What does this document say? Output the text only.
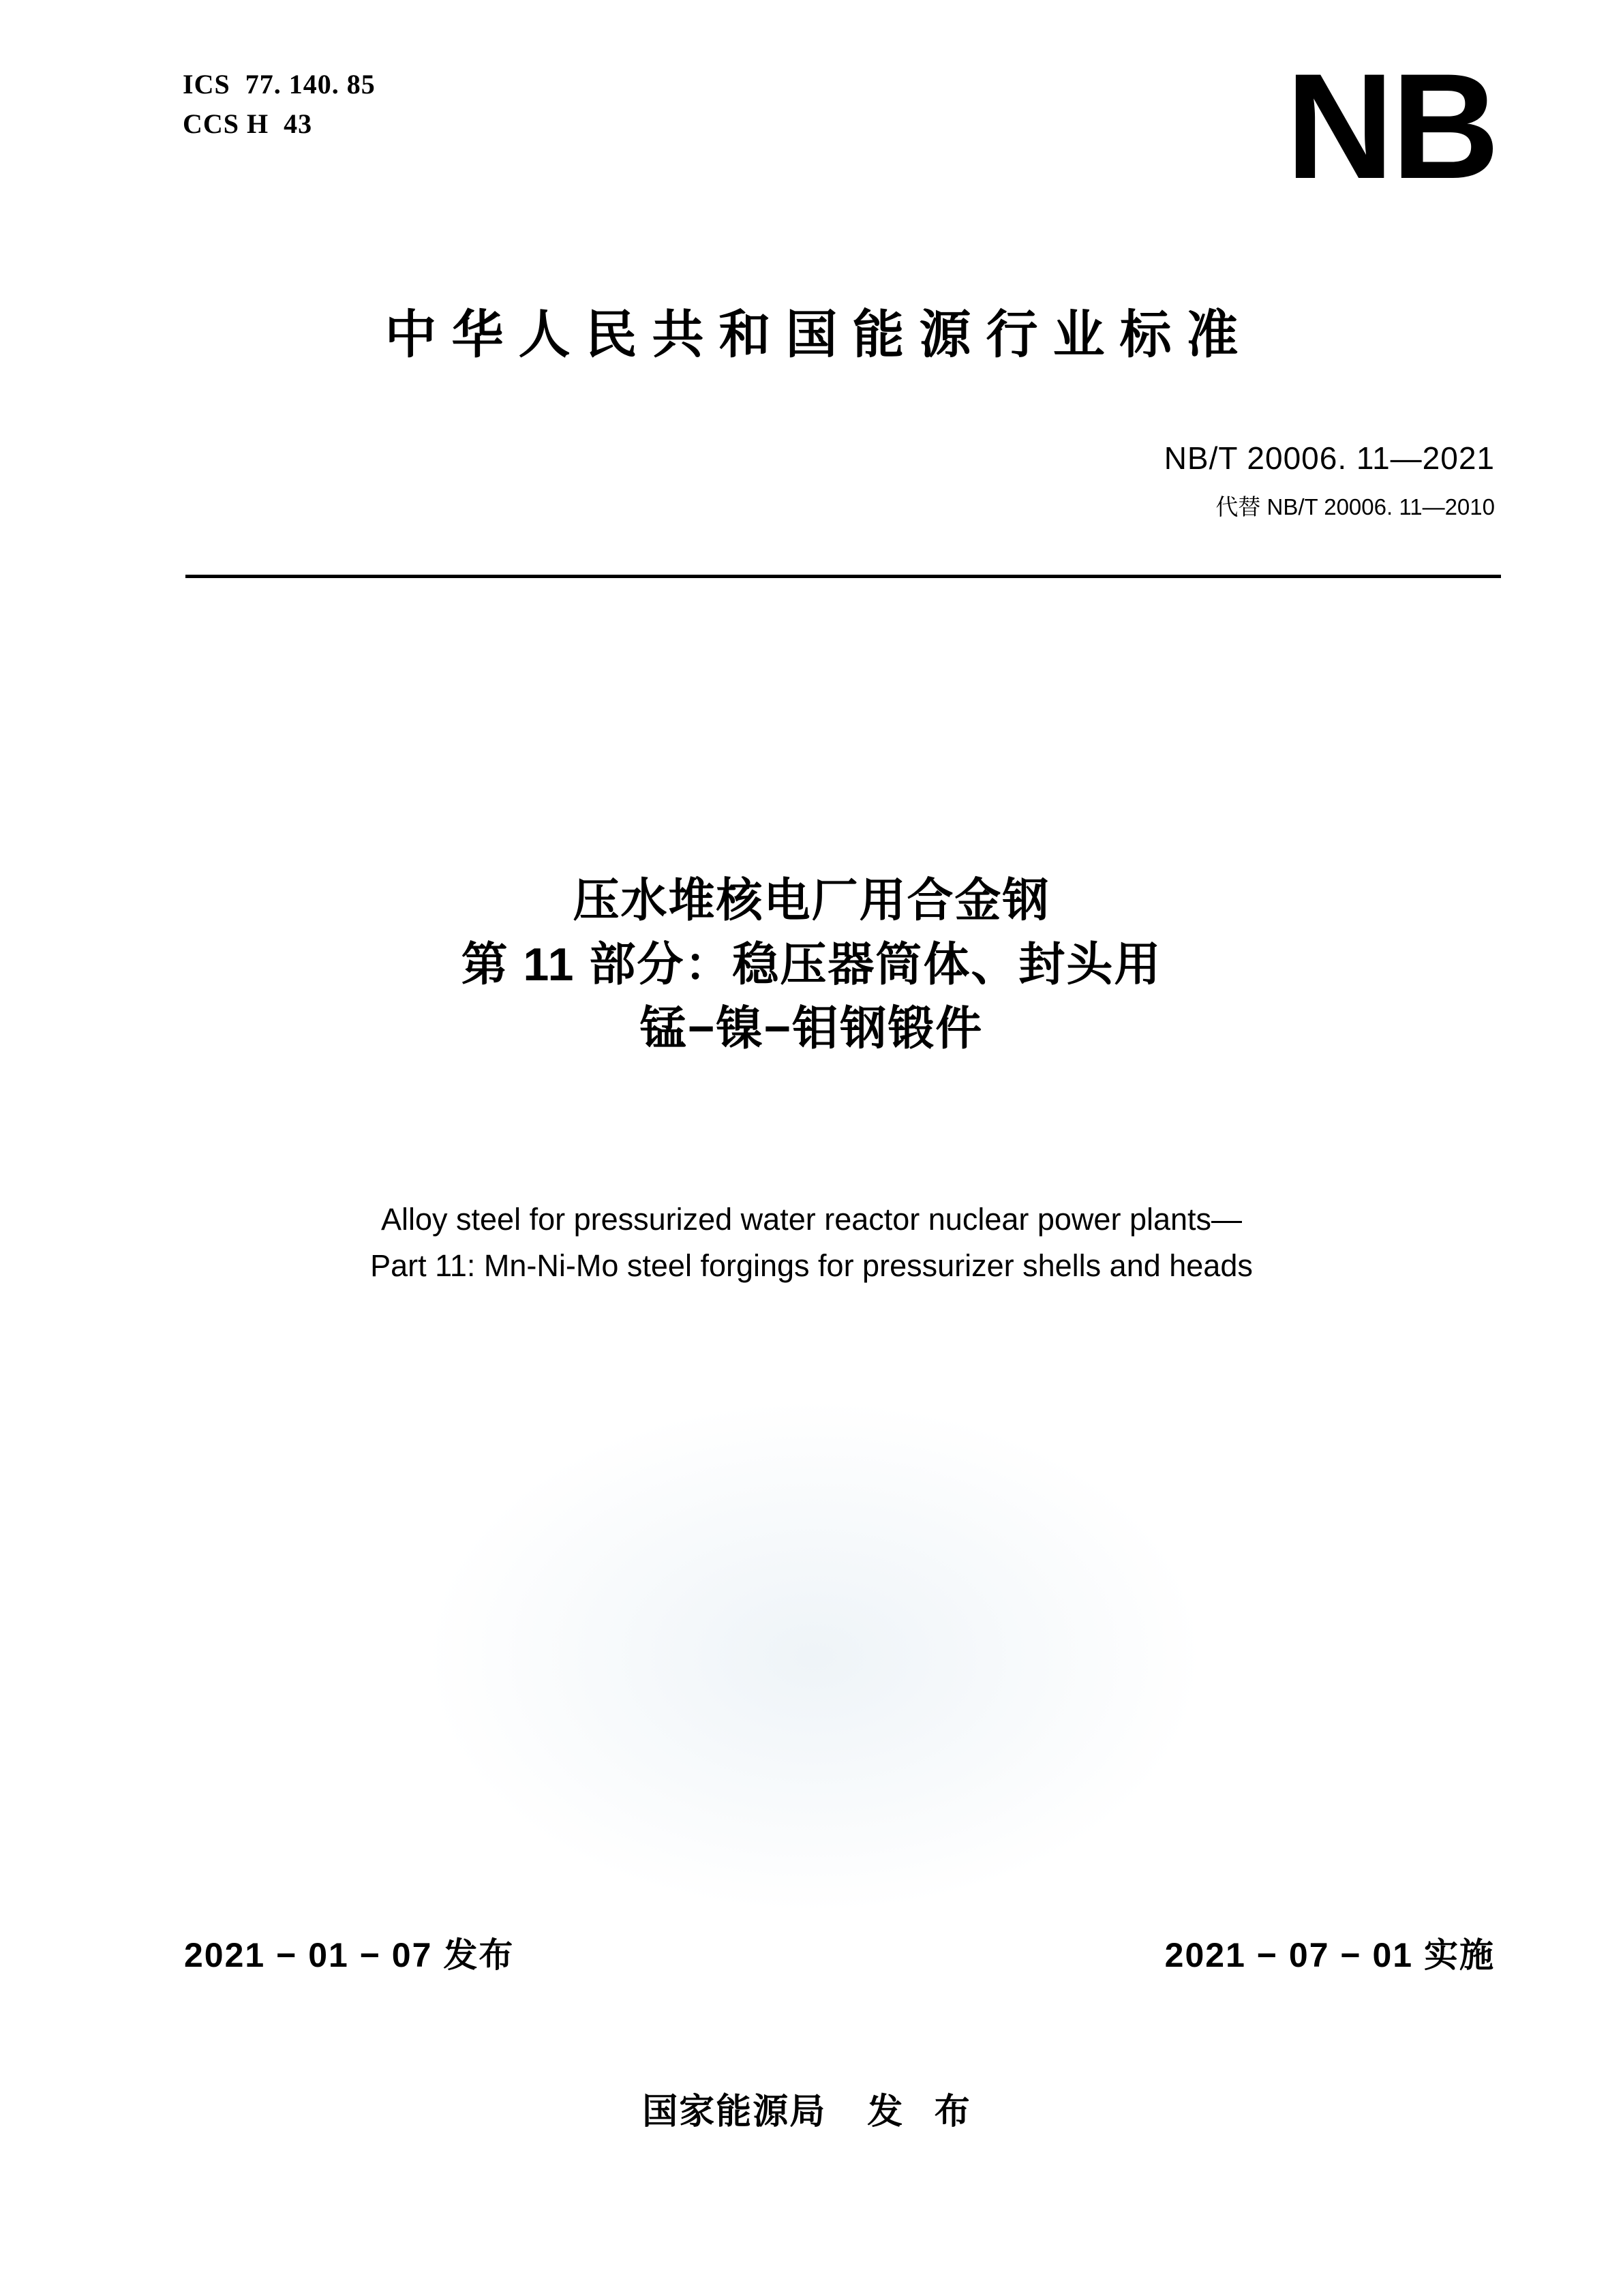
ICS  77. 140. 85
CCS H  43	NB
中华人民共和国能源行业标准
NB/T 20006. 11—2021
代替 NB/T 20006. 11—2010
压水堆核电厂用合金钢
第 11 部分：稳压器筒体、封头用
锰−镍−钼钢锻件
Alloy steel for pressurized water reactor nuclear power plants—
Part 11: Mn-Ni-Mo steel forgings for pressurizer shells and heads
2021 − 01 − 07 发布	2021 − 07 − 01 实施
国家能源局 发 布
